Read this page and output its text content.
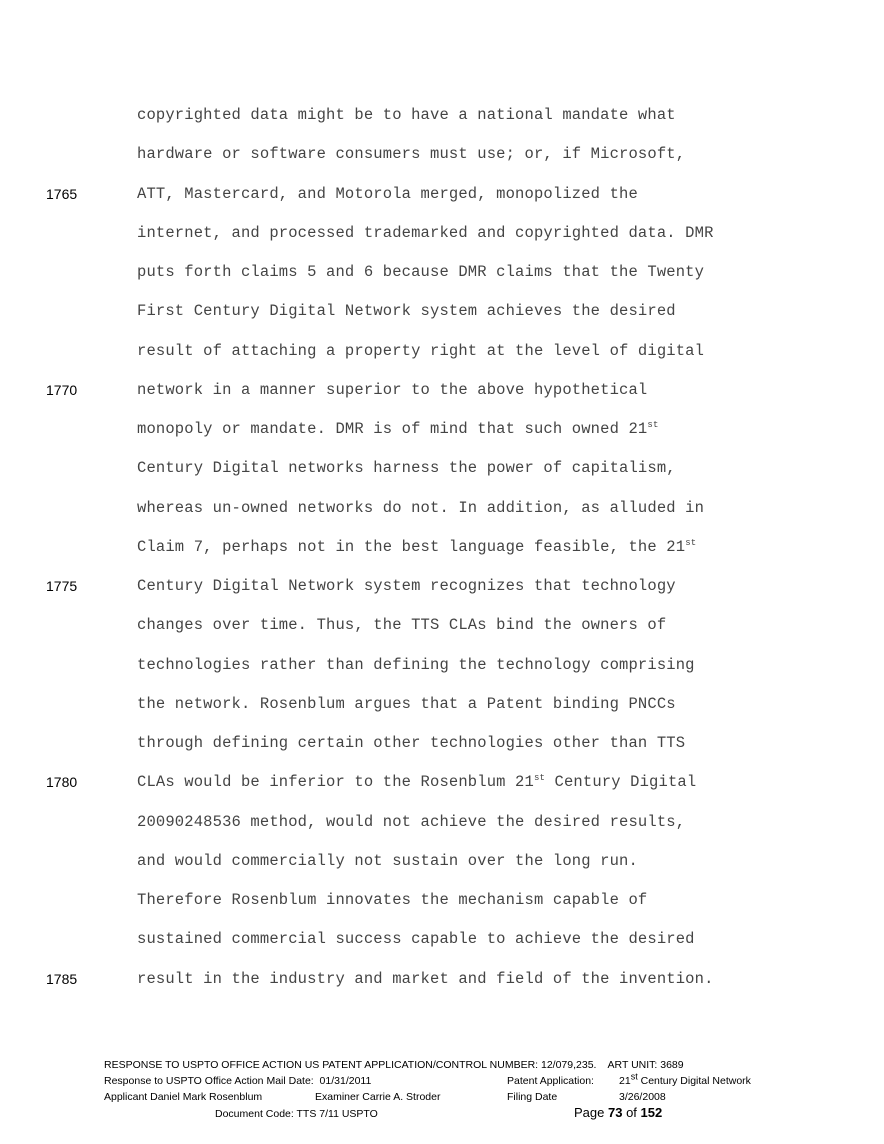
copyrighted data might be to have a national mandate what
hardware or software consumers must use; or, if Microsoft,
ATT, Mastercard, and Motorola merged, monopolized the
internet, and processed trademarked and copyrighted data. DMR
puts forth claims 5 and 6 because DMR claims that the Twenty
First Century Digital Network system achieves the desired
result of attaching a property right at the level of digital
network in a manner superior to the above hypothetical
monopoly or mandate. DMR is of mind that such owned 21st
Century Digital networks harness the power of capitalism,
whereas un-owned networks do not. In addition, as alluded in
Claim 7, perhaps not in the best language feasible, the 21st
Century Digital Network system recognizes that technology
changes over time. Thus, the TTS CLAs bind the owners of
technologies rather than defining the technology comprising
the network. Rosenblum argues that a Patent binding PNCCs
through defining certain other technologies other than TTS
CLAs would be inferior to the Rosenblum 21st Century Digital
20090248536 method, would not achieve the desired results,
and would commercially not sustain over the long run.
Therefore Rosenblum innovates the mechanism capable of
sustained commercial success capable to achieve the desired
result in the industry and market and field of the invention.
1765
1770
1775
1780
1785
RESPONSE TO USPTO OFFICE ACTION US PATENT APPLICATION/CONTROL NUMBER: 12/079,235.    ART UNIT: 3689
Response to USPTO Office Action Mail Date:  01/31/2011	Patent Application: 21st Century Digital Network
Applicant Daniel Mark Rosenblum	Examiner Carrie A. Stroder	Filing Date	3/26/2008
Document Code: TTS 7/11 USPTO	Page 73 of 152
